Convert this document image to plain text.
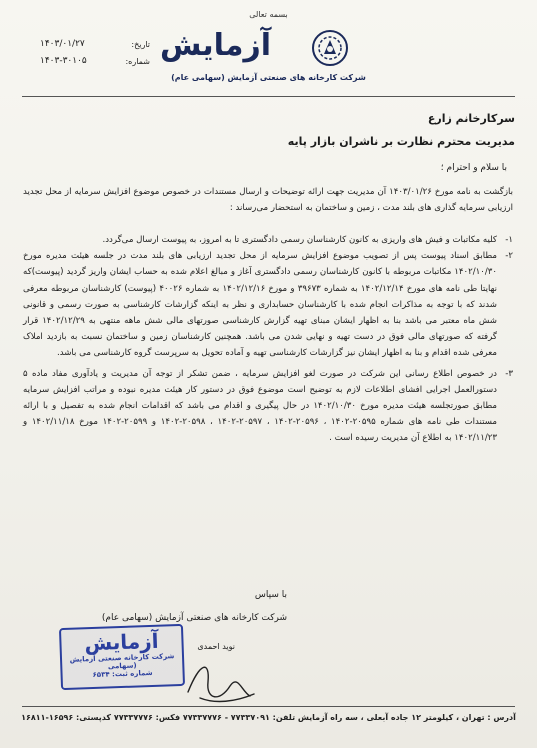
بسمه تعالی
آزمایش
شرکت کارخانه های صنعتی آزمایش (سهامی عام)
تاریخ:
۱۴۰۳/۰۱/۲۷
شماره:
۱۴۰۳-۳۰۱۰۵
سرکارخانم زارع
مدیریت محترم نظارت بر ناشران بازار پایه
با سلام و احترام ؛
بازگشت به نامه مورخ ۱۴۰۳/۰۱/۲۶ آن مدیریت جهت ارائه توضیحات و ارسال مستندات در خصوص موضوع افزایش سرمایه از محل تجدید ارزیابی سرمایه گذاری های بلند مدت ، زمین و ساختمان به استحضار می‌رساند :
۱-
کلیه مکاتبات و فیش های واریزی به کانون کارشناسان رسمی دادگستری تا به امروز، به پیوست ارسال می‌گردد.
۲-
مطابق اسناد پیوست پس از تصویب موضوع افزایش سرمایه از محل تجدید ارزیابی های بلند مدت در جلسه هیئت مدیره مورخ ۱۴۰۲/۱۰/۳۰ مکاتبات مربوطه با کانون کارشناسان رسمی دادگستری آغاز و مبالغ اعلام شده به حساب ایشان واریز گردید (پیوست)که نهایتا طی نامه های مورخ ۱۴۰۲/۱۲/۱۴ به شماره ۳۹۶۷۳ و مورخ ۱۴۰۲/۱۲/۱۶ به شماره ۴۰۰۲۶ (پیوست) کارشناسان مربوطه معرفی شدند که با توجه به مذاکرات انجام شده با کارشناسان حسابداری و نظر به اینکه گزارشات کارشناسی به صورت رسمی و قانونی شش ماه معتبر می باشد بنا به اظهار ایشان مبنای تهیه گزارش کارشناسی صورتهای مالی شش ماهه منتهی به ۱۴۰۲/۱۲/۲۹ قرار گرفته که صورتهای مالی فوق در دست تهیه و نهایی شدن می باشد. همچنین کارشناسان زمین و ساختمان نسبت به بازدید املاک معرفی شده اقدام و بنا به اظهار ایشان نیز گزارشات کارشناسی تهیه و آماده تحویل به سرپرست گروه کارشناسی می باشد.
۳-
در خصوص اطلاع رسانی این شرکت در صورت لغو افزایش سرمایه ، ضمن تشکر از توجه آن مدیریت و یادآوری مفاد ماده ۵ دستورالعمل اجرایی افشای اطلاعات لازم به توضیح است موضوع فوق در دستور کار هیئت مدیره نبوده و مراتب افزایش سرمایه مطابق صورتجلسه هیئت مدیره مورخ ۱۴۰۲/۱۰/۳۰ در حال پیگیری و اقدام می باشد که اقدامات انجام شده به تفصیل و با ارائه مستندات طی نامه های شماره ۲۰۵۹۵-۱۴۰۲ ، ۲۰۵۹۶-۱۴۰۲ ، ۲۰۵۹۷-۱۴۰۲ ، ۲۰۵۹۸-۱۴۰۲ و ۲۰۵۹۹-۱۴۰۲ مورخ ۱۴۰۲/۱۱/۱۸ و ۱۴۰۲/۱۱/۲۳ به اطلاع آن مدیریت رسیده است .
با سپاس
شرکت کارخانه های صنعتی آزمایش (سهامی عام)
نوید احمدی
آزمایش
شرکت کارخانه صنعتی آزمایش (سهامی
شماره ثبت: ۶۵۳۴
آدرس : تهران ، کیلومتر ۱۲ جاده آبعلی ، سه راه آزمایش تلفن: ۷۷۳۳۷۰۹۱ - ۷۷۳۳۷۷۷۶ فکس: ۷۷۳۳۷۷۷۶ کدپستی: ۱۶۵۹۶-۱۶۸۱۱
